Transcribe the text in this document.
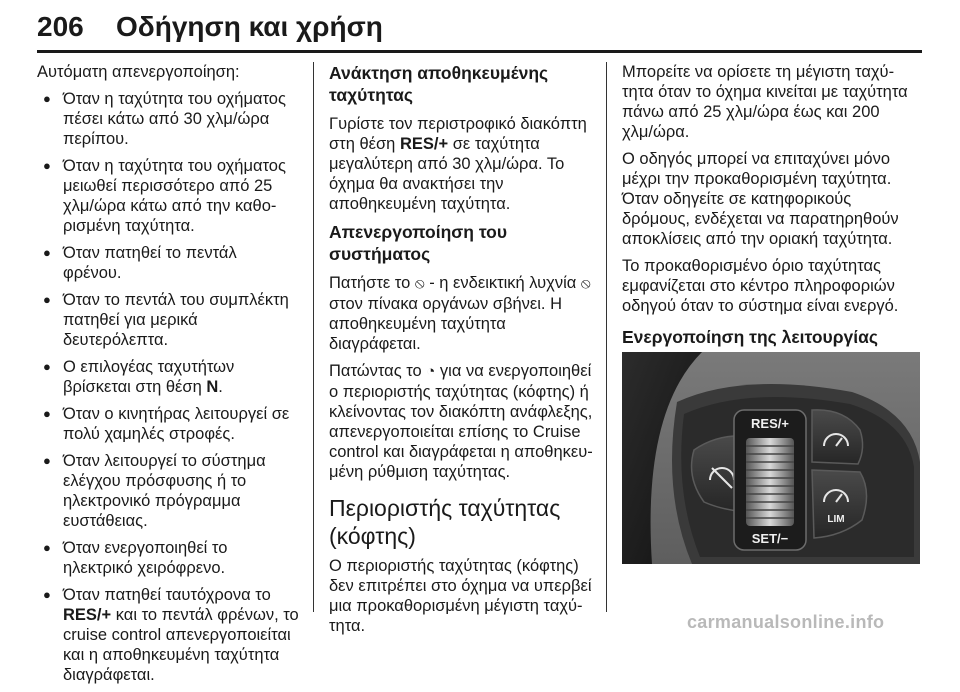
206 Οδήγηση και χρήση

Αυτόματη απενεργοποίηση:

● Όταν η ταχύτητα του οχήματος πέσει κάτω από 30 χλμ/ώρα περίπου.
● Όταν η ταχύτητα του οχήματος μειωθεί περισσότερο από 25 χλμ/ώρα κάτω από την καθορισμένη ταχύτητα.
● Όταν πατηθεί το πεντάλ φρένου.
● Όταν το πεντάλ του συμπλέκτη πατηθεί για μερικά δευτερόλεπτα.
● Ο επιλογέας ταχυτήτων βρίσκεται στη θέση N.
● Όταν ο κινητήρας λειτουργεί σε πολύ χαμηλές στροφές.
● Όταν λειτουργεί το σύστημα ελέγχου πρόσφυσης ή το ηλεκτρονικό πρόγραμμα ευστάθειας.
● Όταν ενεργοποιηθεί το ηλεκτρικό χειρόφρενο.
● Όταν πατηθεί ταυτόχρονα το RES/+ και το πεντάλ φρένων, το cruise control απενεργοποιείται και η αποθηκευμένη ταχύτητα διαγράφεται.
Ανάκτηση αποθηκευμένης ταχύτητας

Γυρίστε τον περιστροφικό διακόπτη στη θέση RES/+ σε ταχύτητα μεγαλύτερη από 30 χλμ/ώρα. Το όχημα θα ανακτήσει την αποθηκευμένη ταχύτητα.

Απενεργοποίηση του συστήματος

Πατήστε το ⦸ - η ενδεικτική λυχνία ⦸ στον πίνακα οργάνων σβήνει. Η αποθηκευμένη ταχύτητα διαγράφεται.

Πατώντας το ◔ για να ενεργοποιηθεί ο περιοριστής ταχύτητας (κόφτης) ή κλείνοντας τον διακόπτη ανάφλεξης, απενεργοποιείται επίσης το Cruise control και διαγράφεται η αποθηκευμένη ρύθμιση ταχύτητας.

Περιοριστής ταχύτητας (κόφτης)

Ο περιοριστής ταχύτητας (κόφτης) δεν επιτρέπει στο όχημα να υπερβεί μια προκαθορισμένη μέγιστη ταχύτητα.

Μπορείτε να ορίσετε τη μέγιστη ταχύτητα όταν το όχημα κινείται με ταχύτητα πάνω από 25 χλμ/ώρα έως και 200 χλμ/ώρα.

Ο οδηγός μπορεί να επιταχύνει μόνο μέχρι την προκαθορισμένη ταχύτητα. Όταν οδηγείτε σε κατηφορικούς δρόμους, ενδέχεται να παρατηρηθούν αποκλίσεις από την οριακή ταχύτητα.

Το προκαθορισμένο όριο ταχύτητας εμφανίζεται στο κέντρο πληροφοριών οδηγού όταν το σύστημα είναι ενεργό.

Ενεργοποίηση της λειτουργίας
RES/+
SET/−
LIM
carmanualsonline.info
